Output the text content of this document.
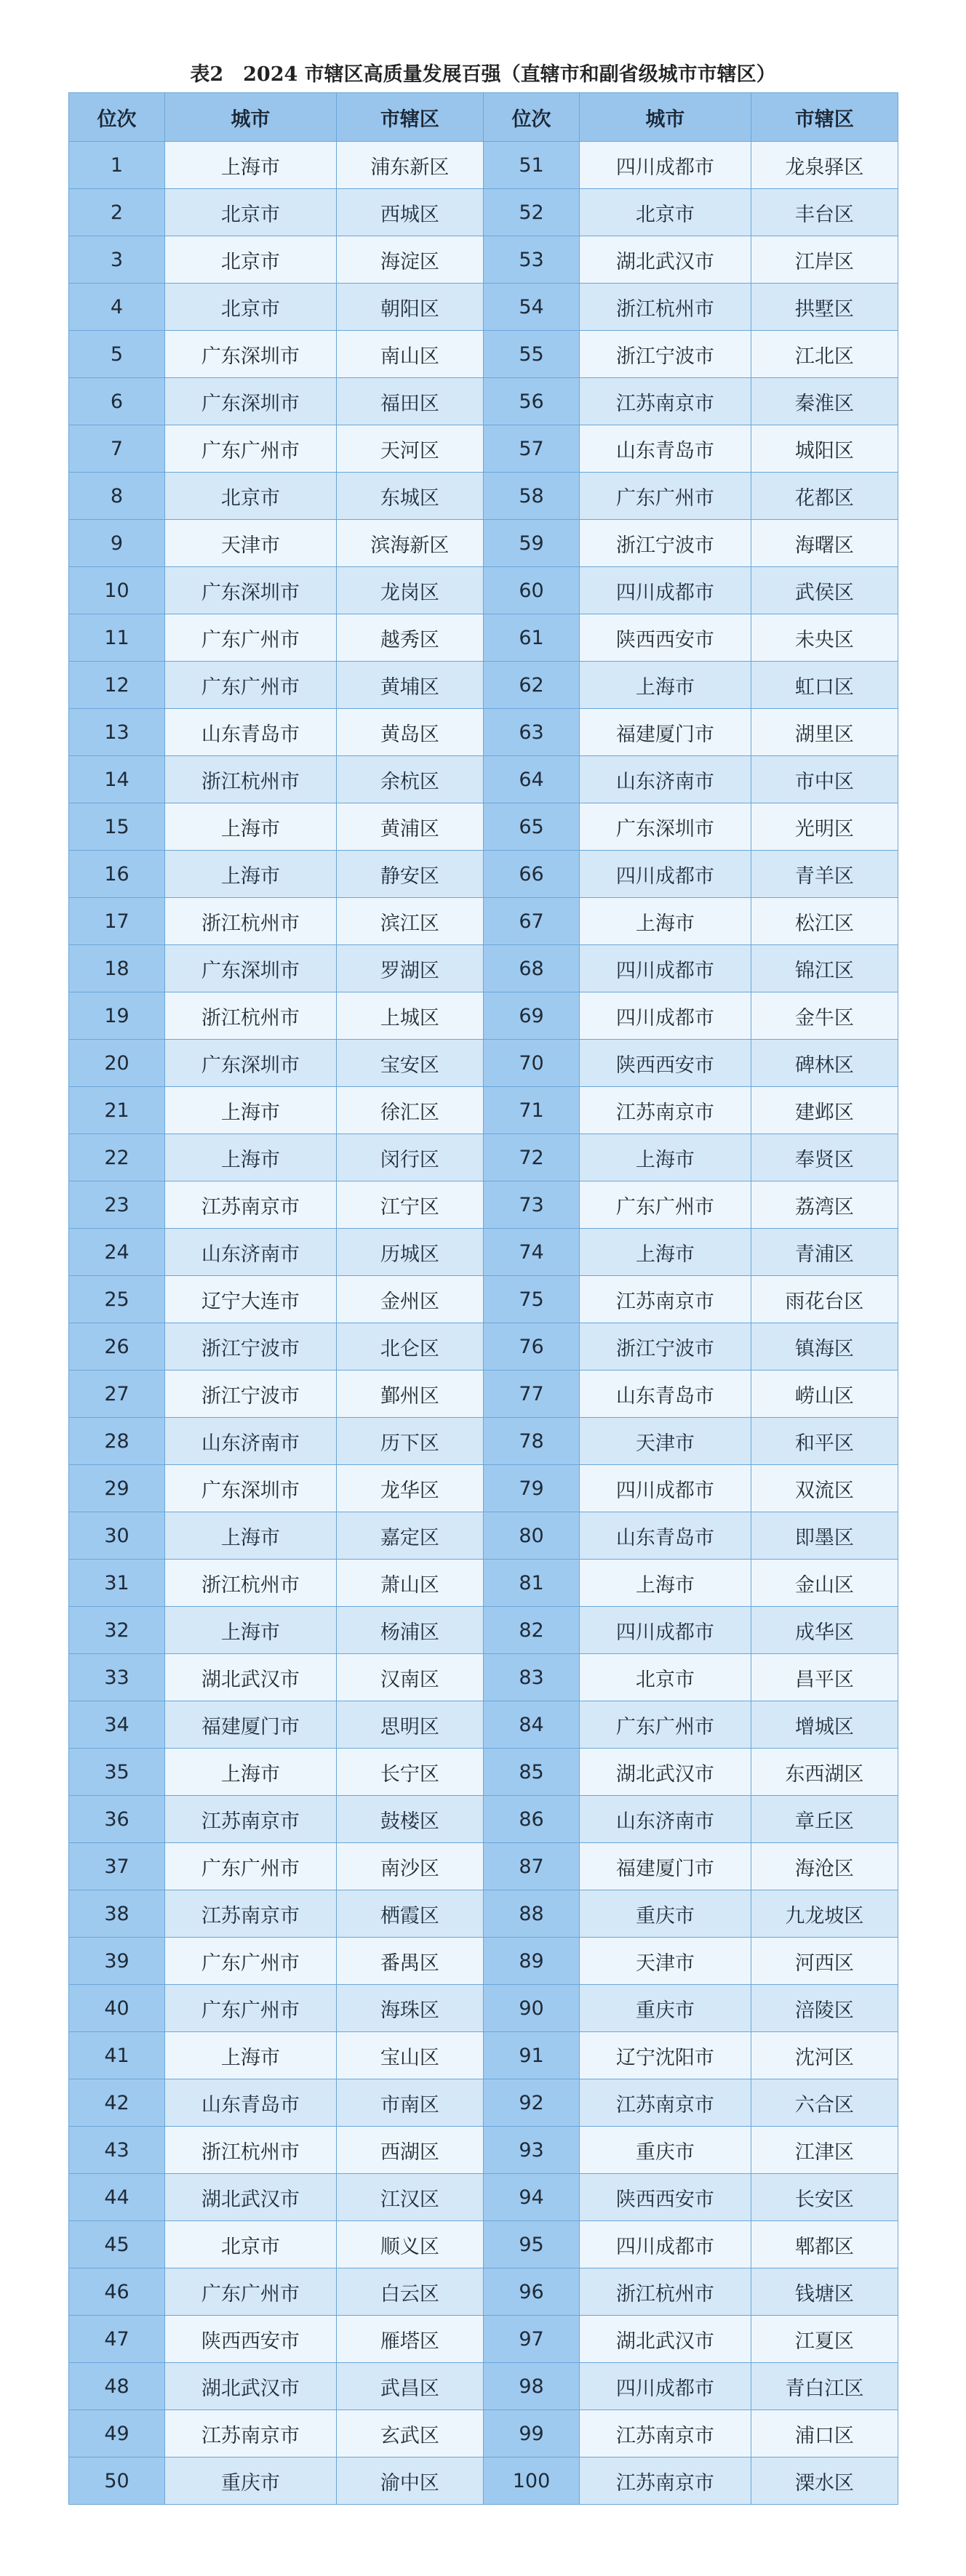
表2　2024 市辖区高质量发展百强（直辖市和副省级城市市辖区）
位次	城市	市辖区	位次	城市	市辖区
1	上海市	浦东新区	51	四川成都市	龙泉驿区
2	北京市	西城区	52	北京市	丰台区
3	北京市	海淀区	53	湖北武汉市	江岸区
4	北京市	朝阳区	54	浙江杭州市	拱墅区
5	广东深圳市	南山区	55	浙江宁波市	江北区
6	广东深圳市	福田区	56	江苏南京市	秦淮区
7	广东广州市	天河区	57	山东青岛市	城阳区
8	北京市	东城区	58	广东广州市	花都区
9	天津市	滨海新区	59	浙江宁波市	海曙区
10	广东深圳市	龙岗区	60	四川成都市	武侯区
11	广东广州市	越秀区	61	陕西西安市	未央区
12	广东广州市	黄埔区	62	上海市	虹口区
13	山东青岛市	黄岛区	63	福建厦门市	湖里区
14	浙江杭州市	余杭区	64	山东济南市	市中区
15	上海市	黄浦区	65	广东深圳市	光明区
16	上海市	静安区	66	四川成都市	青羊区
17	浙江杭州市	滨江区	67	上海市	松江区
18	广东深圳市	罗湖区	68	四川成都市	锦江区
19	浙江杭州市	上城区	69	四川成都市	金牛区
20	广东深圳市	宝安区	70	陕西西安市	碑林区
21	上海市	徐汇区	71	江苏南京市	建邺区
22	上海市	闵行区	72	上海市	奉贤区
23	江苏南京市	江宁区	73	广东广州市	荔湾区
24	山东济南市	历城区	74	上海市	青浦区
25	辽宁大连市	金州区	75	江苏南京市	雨花台区
26	浙江宁波市	北仑区	76	浙江宁波市	镇海区
27	浙江宁波市	鄞州区	77	山东青岛市	崂山区
28	山东济南市	历下区	78	天津市	和平区
29	广东深圳市	龙华区	79	四川成都市	双流区
30	上海市	嘉定区	80	山东青岛市	即墨区
31	浙江杭州市	萧山区	81	上海市	金山区
32	上海市	杨浦区	82	四川成都市	成华区
33	湖北武汉市	汉南区	83	北京市	昌平区
34	福建厦门市	思明区	84	广东广州市	增城区
35	上海市	长宁区	85	湖北武汉市	东西湖区
36	江苏南京市	鼓楼区	86	山东济南市	章丘区
37	广东广州市	南沙区	87	福建厦门市	海沧区
38	江苏南京市	栖霞区	88	重庆市	九龙坡区
39	广东广州市	番禺区	89	天津市	河西区
40	广东广州市	海珠区	90	重庆市	涪陵区
41	上海市	宝山区	91	辽宁沈阳市	沈河区
42	山东青岛市	市南区	92	江苏南京市	六合区
43	浙江杭州市	西湖区	93	重庆市	江津区
44	湖北武汉市	江汉区	94	陕西西安市	长安区
45	北京市	顺义区	95	四川成都市	郫都区
46	广东广州市	白云区	96	浙江杭州市	钱塘区
47	陕西西安市	雁塔区	97	湖北武汉市	江夏区
48	湖北武汉市	武昌区	98	四川成都市	青白江区
49	江苏南京市	玄武区	99	江苏南京市	浦口区
50	重庆市	渝中区	100	江苏南京市	溧水区
